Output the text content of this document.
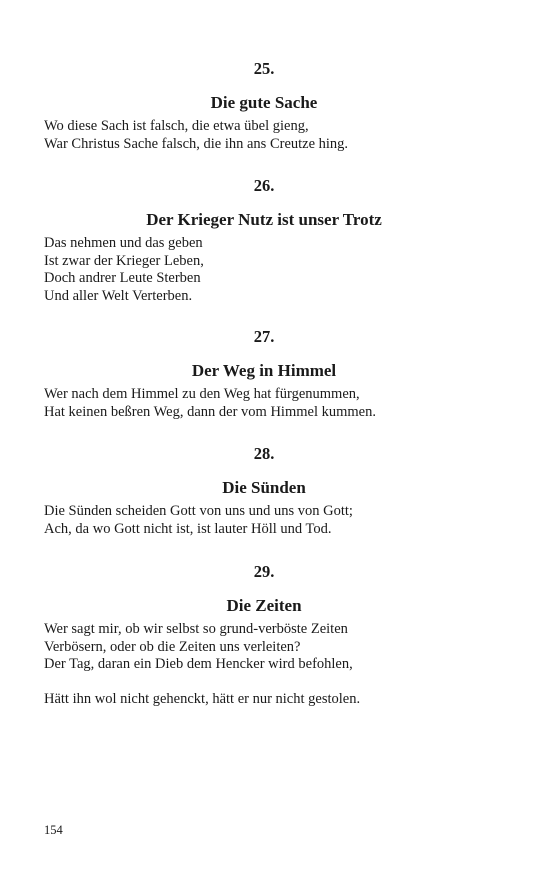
25.
Die gute Sache
Wo diese Sach ist falsch, die etwa übel gieng,
War Christus Sache falsch, die ihn ans Creutze hing.
26.
Der Krieger Nutz ist unser Trotz
Das nehmen und das geben
Ist zwar der Krieger Leben,
Doch andrer Leute Sterben
Und aller Welt Verterben.
27.
Der Weg in Himmel
Wer nach dem Himmel zu den Weg hat fürgenummen,
Hat keinen beßren Weg, dann der vom Himmel kummen.
28.
Die Sünden
Die Sünden scheiden Gott von uns und uns von Gott;
Ach, da wo Gott nicht ist, ist lauter Höll und Tod.
29.
Die Zeiten
Wer sagt mir, ob wir selbst so grund-verböste Zeiten
Verbösern, oder ob die Zeiten uns verleiten?
Der Tag, daran ein Dieb dem Hencker wird befohlen,
Hätt ihn wol nicht gehenckt, hätt er nur nicht gestolen.
154
